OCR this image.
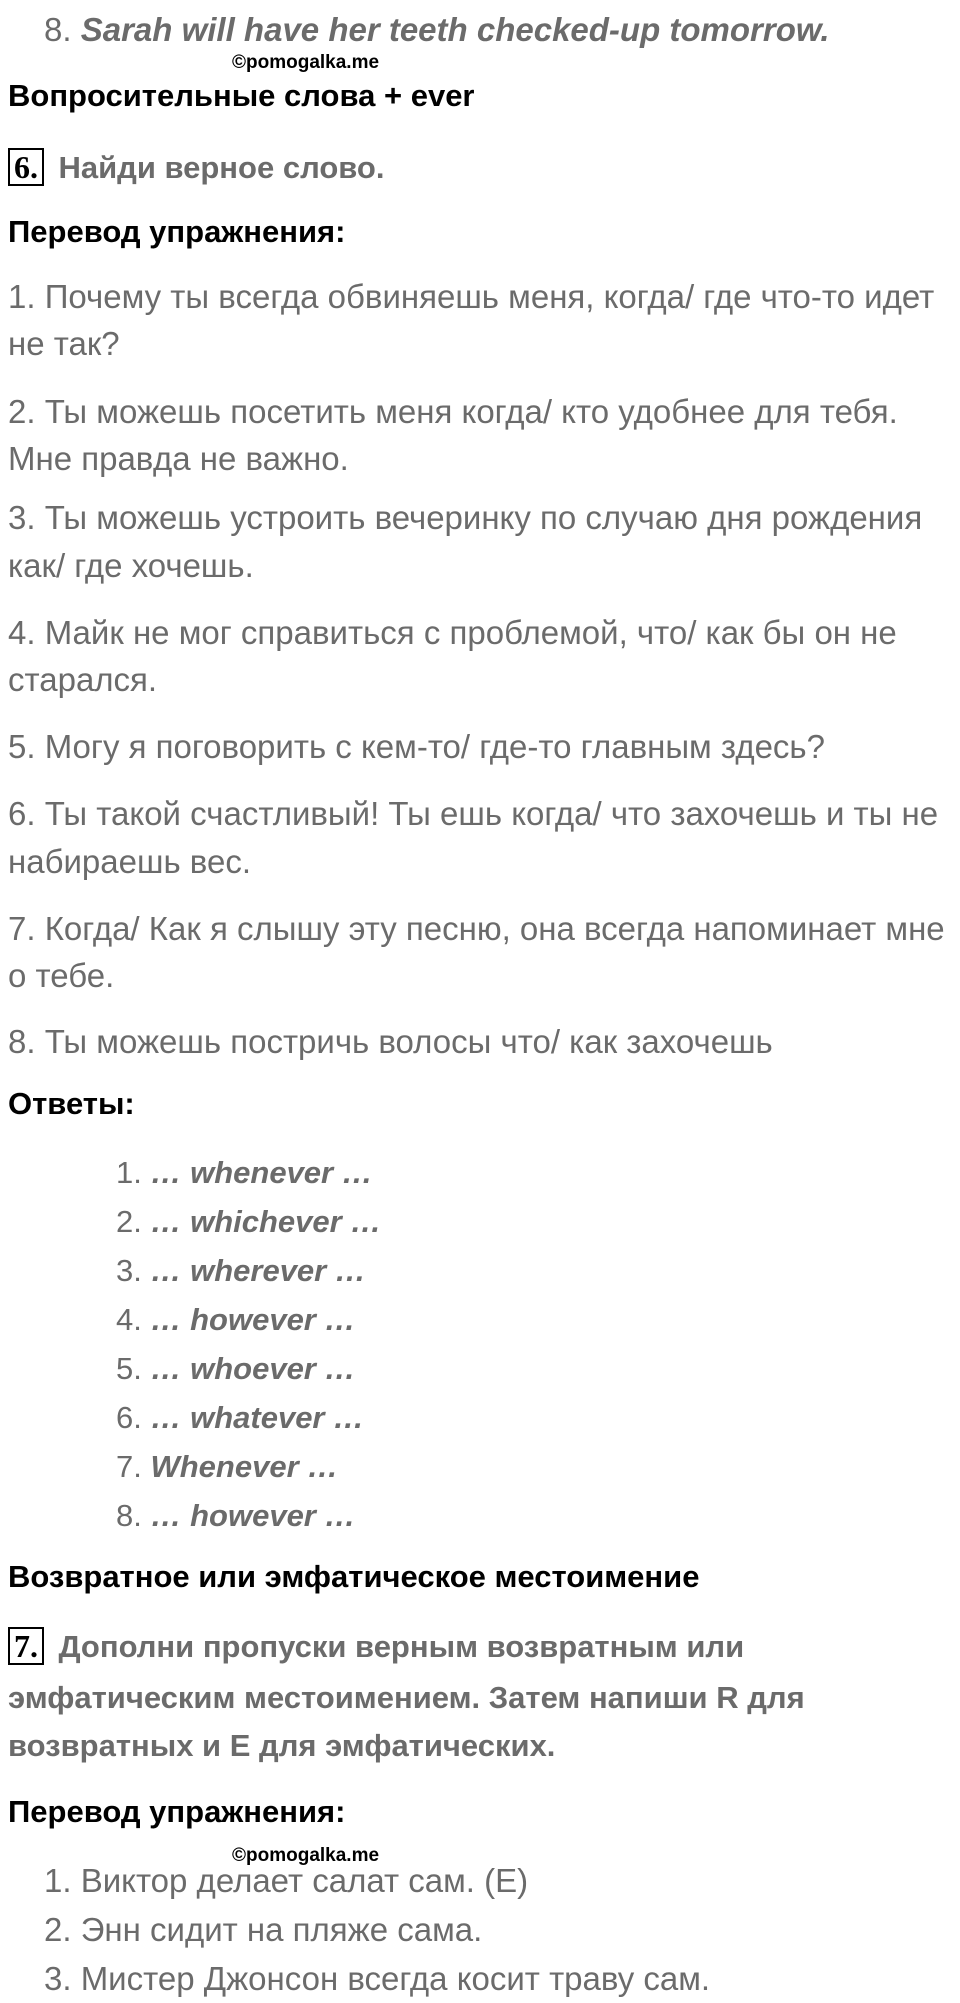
8. Sarah will have her teeth checked-up tomorrow.
©pomogalka.me
Вопросительные слова + ever
6. Найди верное слово.
Перевод упражнения:
1. Почему ты всегда обвиняешь меня, когда/ где что-то идет
не так?
2. Ты можешь посетить меня когда/ кто удобнее для тебя.
Мне правда не важно.
3. Ты можешь устроить вечеринку по случаю дня рождения
как/ где хочешь.
4. Майк не мог справиться с проблемой, что/ как бы он не
старался.
5. Могу я поговорить с кем-то/ где-то главным здесь?
6. Ты такой счастливый! Ты ешь когда/ что захочешь и ты не
набираешь вес.
7. Когда/ Как я слышу эту песню, она всегда напоминает мне
о тебе.
8. Ты можешь постричь волосы что/ как захочешь
Ответы:
1. … whenever …
2. … whichever …
3. … wherever …
4. … however …
5. … whoever …
6. … whatever …
7. Whenever …
8. … however …
Возвратное или эмфатическое местоимение
7. Дополни пропуски верным возвратным или
эмфатическим местоимением. Затем напиши R для
возвратных и E для эмфатических.
Перевод упражнения:
©pomogalka.me
1. Виктор делает салат сам. (Е)
2. Энн сидит на пляже сама.
3. Мистер Джонсон всегда косит траву сам.
